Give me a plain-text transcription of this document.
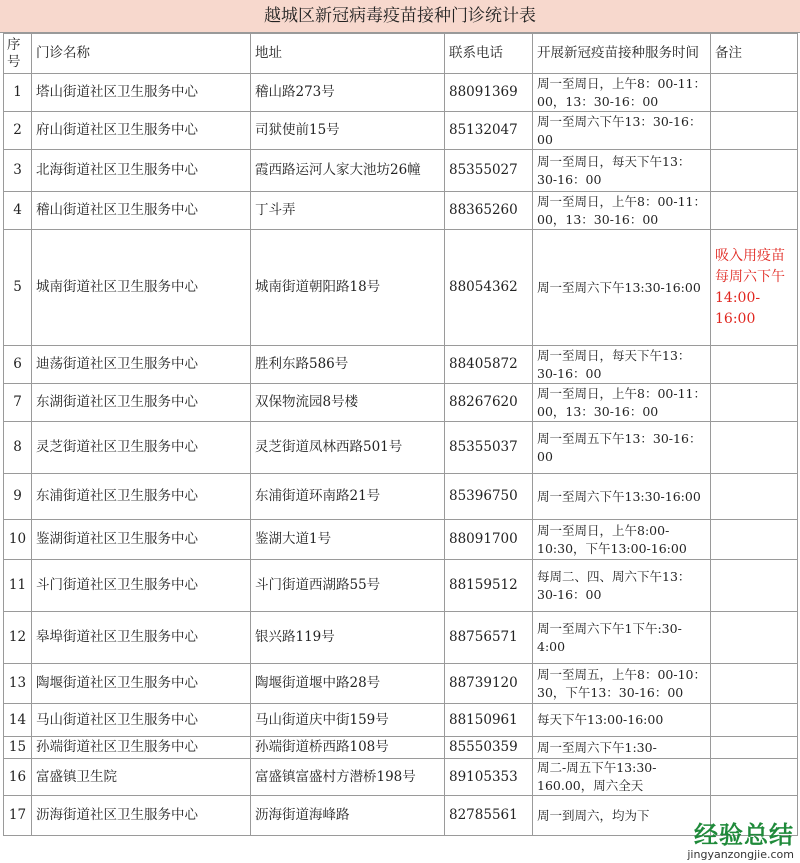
越城区新冠病毒疫苗接种门诊统计表
序号	门诊名称	地址	联系电话	开展新冠疫苗接种服务时间	备注
1	塔山街道社区卫生服务中心	稽山路273号	88091369	周一至周日，上午8：00-11：00，13：30-16：00	
2	府山街道社区卫生服务中心	司狱使前15号	85132047	周一至周六下午13：30-16：00	
3	北海街道社区卫生服务中心	霞西路运河人家大池坊26幢	85355027	周一至周日，每天下午13：30-16：00	
4	稽山街道社区卫生服务中心	丁斗弄	88365260	周一至周日，上午8：00-11：00，13：30-16：00	
5	城南街道社区卫生服务中心	城南街道朝阳路18号	88054362	周一至周六下午13:30-16:00	吸入用疫苗每周六下午14:00-16:00
6	迪荡街道社区卫生服务中心	胜利东路586号	88405872	周一至周日，每天下午13：30-16：00	
7	东湖街道社区卫生服务中心	双保物流园8号楼	88267620	周一至周日，上午8：00-11：00，13：30-16：00	
8	灵芝街道社区卫生服务中心	灵芝街道凤林西路501号	85355037	周一至周五下午13：30-16：00	
9	东浦街道社区卫生服务中心	东浦街道环南路21号	85396750	周一至周六下午13:30-16:00	
10	鉴湖街道社区卫生服务中心	鉴湖大道1号	88091700	周一至周日，上午8:00-10:30，下午13:00-16:00	
11	斗门街道社区卫生服务中心	斗门街道西湖路55号	88159512	每周二、四、周六下午13：30-16：00	
12	皋埠街道社区卫生服务中心	银兴路119号	88756571	周一至周六下午1下午:30-4:00	
13	陶堰街道社区卫生服务中心	陶堰街道堰中路28号	88739120	周一至周五，上午8：00-10：30，下午13：30-16：00	
14	马山街道社区卫生服务中心	马山街道庆中街159号	88150961	每天下午13:00-16:00	
15	孙端街道社区卫生服务中心	孙端街道桥西路108号	85550359	周一至周六下午1:30-	
16	富盛镇卫生院	富盛镇富盛村方潜桥198号	89105353	周二-周五下午13:30-160.00，周六全天	
17	沥海街道社区卫生服务中心	沥海街道海峰路	82785561	周一到周六，均为下	
经验总结
jingyanzongjie.com
